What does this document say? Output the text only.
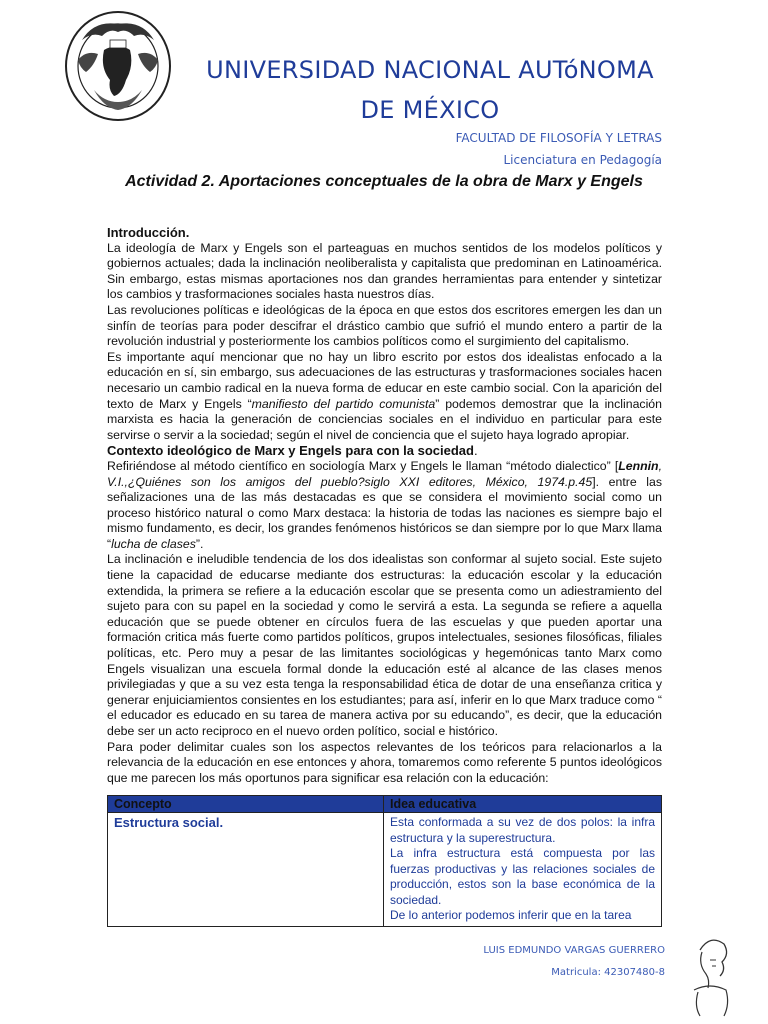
UNIVERSIDAD NACIONAL AUTóNOMA DE MÉXICO
FACULTAD DE FILOSOFÍA Y LETRAS
Licenciatura en Pedagogía
Actividad 2. Aportaciones conceptuales de la obra de Marx y Engels

Introducción.

La ideología de Marx y Engels son el parteaguas en muchos sentidos de los modelos políticos y gobiernos actuales; dada la inclinación neoliberalista y capitalista que predominan en Latinoamérica. Sin embargo, estas mismas aportaciones nos dan grandes herramientas para entender y sintetizar los cambios y trasformaciones sociales hasta nuestros días.

Las revoluciones políticas e ideológicas de la época en que estos dos escritores emergen les dan un sinfín de teorías para poder descifrar el drástico cambio que sufrió el mundo entero a partir de la revolución industrial y posteriormente los cambios políticos como el surgimiento del capitalismo.

Es importante aquí mencionar que no hay un libro escrito por estos dos idealistas enfocado a la educación en sí, sin embargo, sus adecuaciones de las estructuras y trasformaciones sociales hacen necesario un cambio radical en la nueva forma de educar en este cambio social. Con la aparición del texto de Marx y Engels “manifiesto del partido comunista” podemos demostrar que la inclinación marxista es hacia la generación de conciencias sociales en el individuo en particular para este servirse o servir a la sociedad; según el nivel de conciencia que el sujeto haya logrado apropiar.

Contexto ideológico de Marx y Engels para con la sociedad.

Refiriéndose al método científico en sociología Marx y Engels le llaman “método dialectico” [Lennin, V.I.,¿Quiénes son los amigos del pueblo?siglo XXI editores, México, 1974.p.45]. entre las señalizaciones una de las más destacadas es que se considera el movimiento social como un proceso histórico natural o como Marx destaca: la historia de todas las naciones es siempre bajo el mismo fundamento, es decir, los grandes fenómenos históricos se dan siempre por lo que Marx llama “lucha de clases”.

La inclinación e ineludible tendencia de los dos idealistas son conformar al sujeto social. Este sujeto tiene la capacidad de educarse mediante dos estructuras: la educación escolar y la educación extendida, la primera se refiere a la educación escolar que se presenta como un adiestramiento del sujeto para con su papel en la sociedad y como le servirá a esta. La segunda se refiere a aquella educación que se puede obtener en círculos fuera de las escuelas y que pueden aportar una formación critica más fuerte como partidos políticos, grupos intelectuales, sesiones filosóficas, filiales políticas, etc. Pero muy a pesar de las limitantes sociológicas y hegemónicas tanto Marx como Engels visualizan una escuela formal donde la educación esté al alcance de las clases menos privilegiadas y que a su vez esta tenga la responsabilidad ética de dotar de una enseñanza critica y generar enjuiciamientos consientes en los estudiantes; para así, inferir en lo que Marx traduce como “ el educador es educado en su tarea de manera activa por su educando”, es decir, que la educación debe ser un acto reciproco en el nuevo orden político, social e histórico.

Para poder delimitar cuales son los aspectos relevantes de los teóricos para relacionarlos a la relevancia de la educación en ese entonces y ahora, tomaremos como referente 5 puntos ideológicos que me parecen los más oportunos para significar esa relación con la educación:

Concepto	Idea educativa
Estructura social.	Esta conformada a su vez de dos polos: la infra estructura y la superestructura.

La infra estructura está compuesta por las fuerzas productivas y las relaciones sociales de producción, estos son la base económica de la sociedad.

De lo anterior podemos inferir que en la tarea

LUIS EDMUNDO VARGAS GUERRERO
Matricula: 42307480-8
